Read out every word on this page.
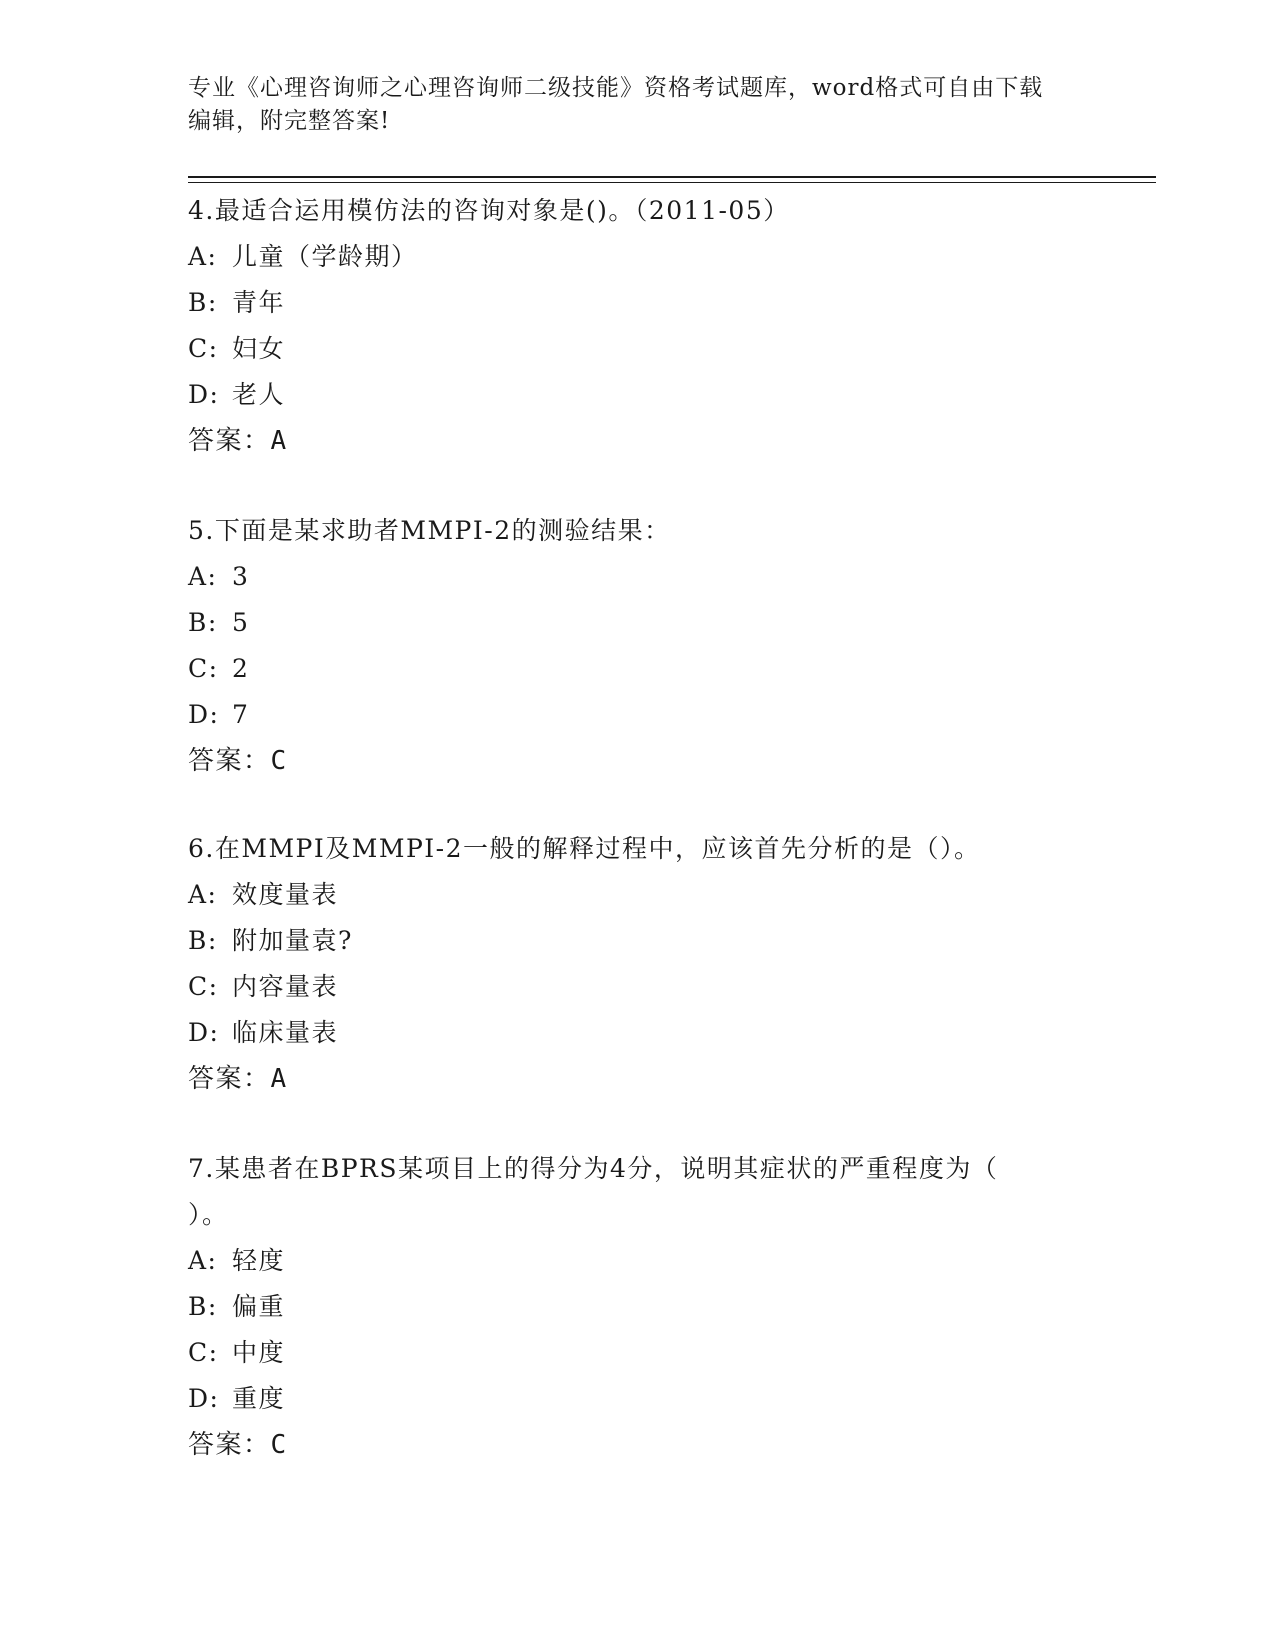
专业《心理咨询师之心理咨询师二级技能》资格考试题库，word格式可自由下载
编辑，附完整答案!
4.最适合运用模仿法的咨询对象是()。（2011-05）
A: 儿童（学龄期）
B: 青年
C: 妇女
D: 老人
答案：A
5.下面是某求助者MMPI-2的测验结果：
A: 3
B: 5
C: 2
D: 7
答案：C
6.在MMPI及MMPI-2一般的解释过程中，应该首先分析的是（）。
A: 效度量表
B: 附加量袁?
C: 内容量表
D: 临床量表
答案：A
7.某患者在BPRS某项目上的得分为4分，说明其症状的严重程度为（
）。
A: 轻度
B: 偏重
C: 中度
D: 重度
答案：C
